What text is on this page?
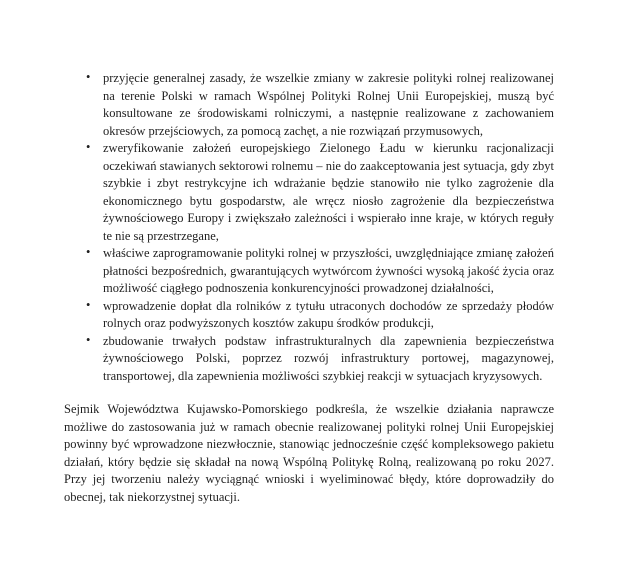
• przyjęcie generalnej zasady, że wszelkie zmiany w zakresie polityki rolnej realizowanej na terenie Polski w ramach Wspólnej Polityki Rolnej Unii Europejskiej, muszą być konsultowane ze środowiskami rolniczymi, a następnie realizowane z zachowaniem okresów przejściowych, za pomocą zachęt, a nie rozwiązań przymusowych,
• zweryfikowanie założeń europejskiego Zielonego Ładu w kierunku racjonalizacji oczekiwań stawianych sektorowi rolnemu – nie do zaakceptowania jest sytuacja, gdy zbyt szybkie i zbyt restrykcyjne ich wdrażanie będzie stanowiło nie tylko zagrożenie dla ekonomicznego bytu gospodarstw, ale wręcz niosło zagrożenie dla bezpieczeństwa żywnościowego Europy i zwiększało zależności i wspierało inne kraje, w których reguły te nie są przestrzegane,
• właściwe zaprogramowanie polityki rolnej w przyszłości, uwzględniające zmianę założeń płatności bezpośrednich, gwarantujących wytwórcom żywności wysoką jakość życia oraz możliwość ciągłego podnoszenia konkurencyjności prowadzonej działalności,
• wprowadzenie dopłat dla rolników z tytułu utraconych dochodów ze sprzedaży płodów rolnych oraz podwyższonych kosztów zakupu środków produkcji,
• zbudowanie trwałych podstaw infrastrukturalnych dla zapewnienia bezpieczeństwa żywnościowego Polski, poprzez rozwój infrastruktury portowej, magazynowej, transportowej, dla zapewnienia możliwości szybkiej reakcji w sytuacjach kryzysowych.

Sejmik Województwa Kujawsko-Pomorskiego podkreśla, że wszelkie działania naprawcze możliwe do zastosowania już w ramach obecnie realizowanej polityki rolnej Unii Europejskiej powinny być wprowadzone niezwłocznie, stanowiąc jednocześnie część kompleksowego pakietu działań, który będzie się składał na nową Wspólną Politykę Rolną, realizowaną po roku 2027. Przy jej tworzeniu należy wyciągnąć wnioski i wyeliminować błędy, które doprowadziły do obecnej, tak niekorzystnej sytuacji.
